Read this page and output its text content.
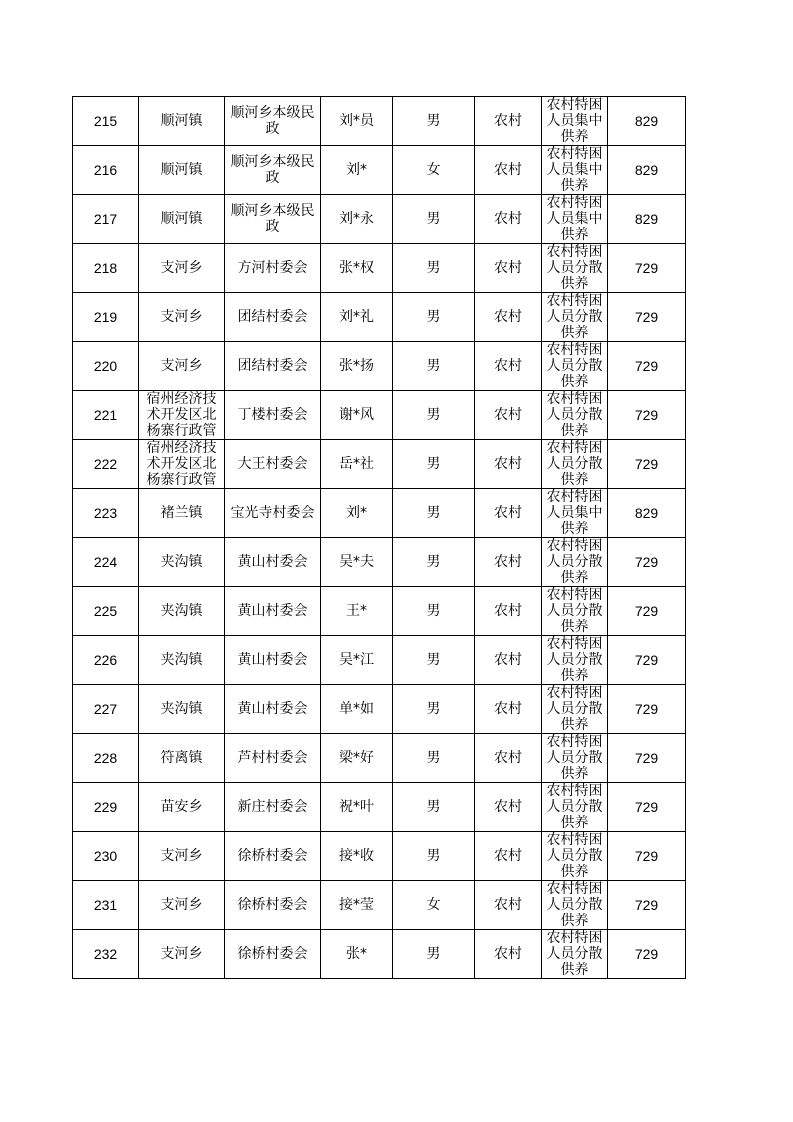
215	顺河镇	顺河乡本级民政	刘*员	男	农村	农村特困人员集中供养	829

216	顺河镇	顺河乡本级民政	刘*	女	农村	农村特困人员集中供养	829

217	顺河镇	顺河乡本级民政	刘*永	男	农村	农村特困人员集中供养	829

218	支河乡	方河村委会	张*权	男	农村	农村特困人员分散供养	729

219	支河乡	团结村委会	刘*礼	男	农村	农村特困人员分散供养	729

220	支河乡	团结村委会	张*扬	男	农村	农村特困人员分散供养	729

221	宿州经济技术开发区北杨寨行政管	丁楼村委会	谢*风	男	农村	农村特困人员分散供养	729

222	宿州经济技术开发区北杨寨行政管	大王村委会	岳*社	男	农村	农村特困人员分散供养	729

223	褚兰镇	宝光寺村委会	刘*	男	农村	农村特困人员集中供养	829

224	夹沟镇	黄山村委会	吴*夫	男	农村	农村特困人员分散供养	729

225	夹沟镇	黄山村委会	王*	男	农村	农村特困人员分散供养	729

226	夹沟镇	黄山村委会	吴*江	男	农村	农村特困人员分散供养	729

227	夹沟镇	黄山村委会	单*如	男	农村	农村特困人员分散供养	729

228	符离镇	芦村村委会	梁*好	男	农村	农村特困人员分散供养	729

229	苗安乡	新庄村委会	祝*叶	男	农村	农村特困人员分散供养	729

230	支河乡	徐桥村委会	接*收	男	农村	农村特困人员分散供养	729

231	支河乡	徐桥村委会	接*莹	女	农村	农村特困人员分散供养	729

232	支河乡	徐桥村委会	张*	男	农村	农村特困人员分散供养	729
